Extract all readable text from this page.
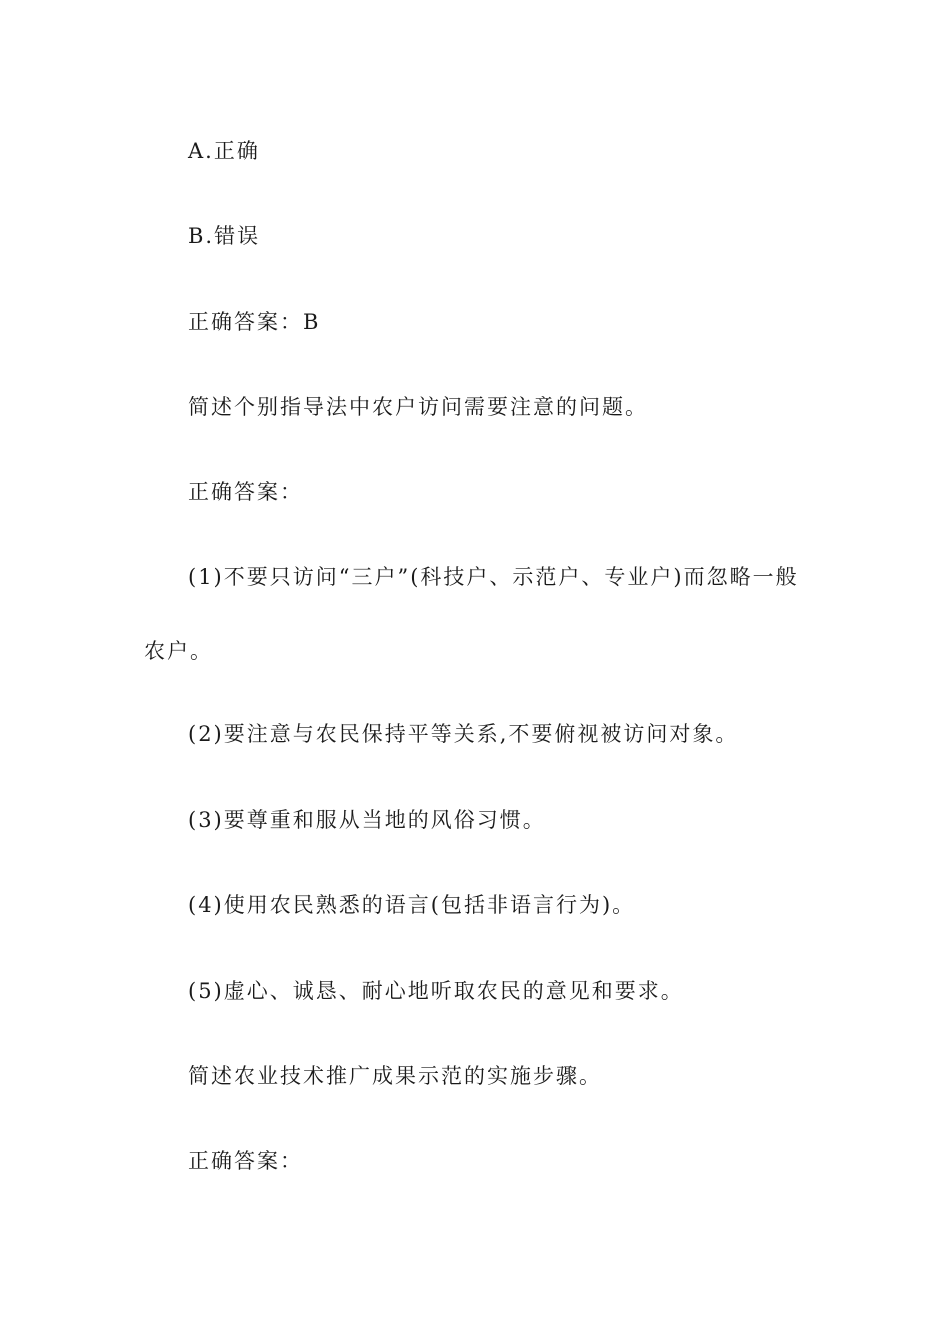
A.正确
B.错误
正确答案：B
简述个别指导法中农户访问需要注意的问题。
正确答案：
(1)不要只访问“三户”(科技户、示范户、专业户)而忽略一般
农户。
(2)要注意与农民保持平等关系,不要俯视被访问对象。
(3)要尊重和服从当地的风俗习惯。
(4)使用农民熟悉的语言(包括非语言行为)。
(5)虚心、诚恳、耐心地听取农民的意见和要求。
简述农业技术推广成果示范的实施步骤。
正确答案：
